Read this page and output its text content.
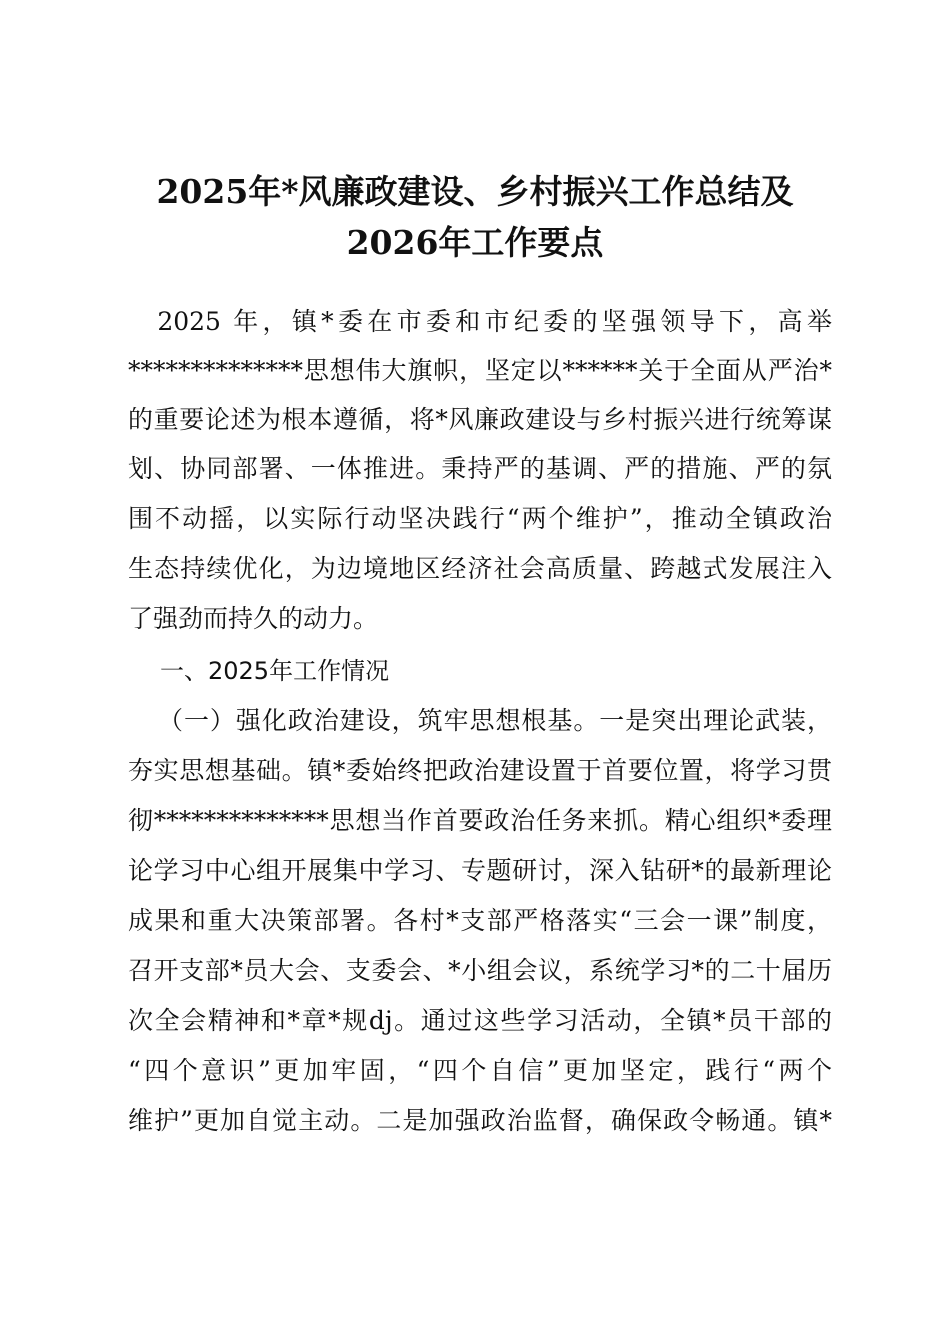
2025年*风廉政建设、乡村振兴工作总结及
2026年工作要点
　2025 年，镇*委在市委和市纪委的坚强领导下，高举
**************思想伟大旗帜，坚定以******关于全面从严治*
的重要论述为根本遵循，将*风廉政建设与乡村振兴进行统筹谋
划、协同部署、一体推进。秉持严的基调、严的措施、严的氛
围不动摇，以实际行动坚决践行“两个维护”，推动全镇政治
生态持续优化，为边境地区经济社会高质量、跨越式发展注入
了强劲而持久的动力。
一、2025年工作情况
（一）强化政治建设，筑牢思想根基。一是突出理论武装，
夯实思想基础。镇*委始终把政治建设置于首要位置，将学习贯
彻**************思想当作首要政治任务来抓。精心组织*委理
论学习中心组开展集中学习、专题研讨，深入钻研*的最新理论
成果和重大决策部署。各村*支部严格落实“三会一课”制度，
召开支部*员大会、支委会、*小组会议，系统学习*的二十届历
次全会精神和*章*规dj。通过这些学习活动，全镇*员干部的
“四个意识”更加牢固，“四个自信”更加坚定，践行“两个
维护”更加自觉主动。二是加强政治监督，确保政令畅通。镇*
